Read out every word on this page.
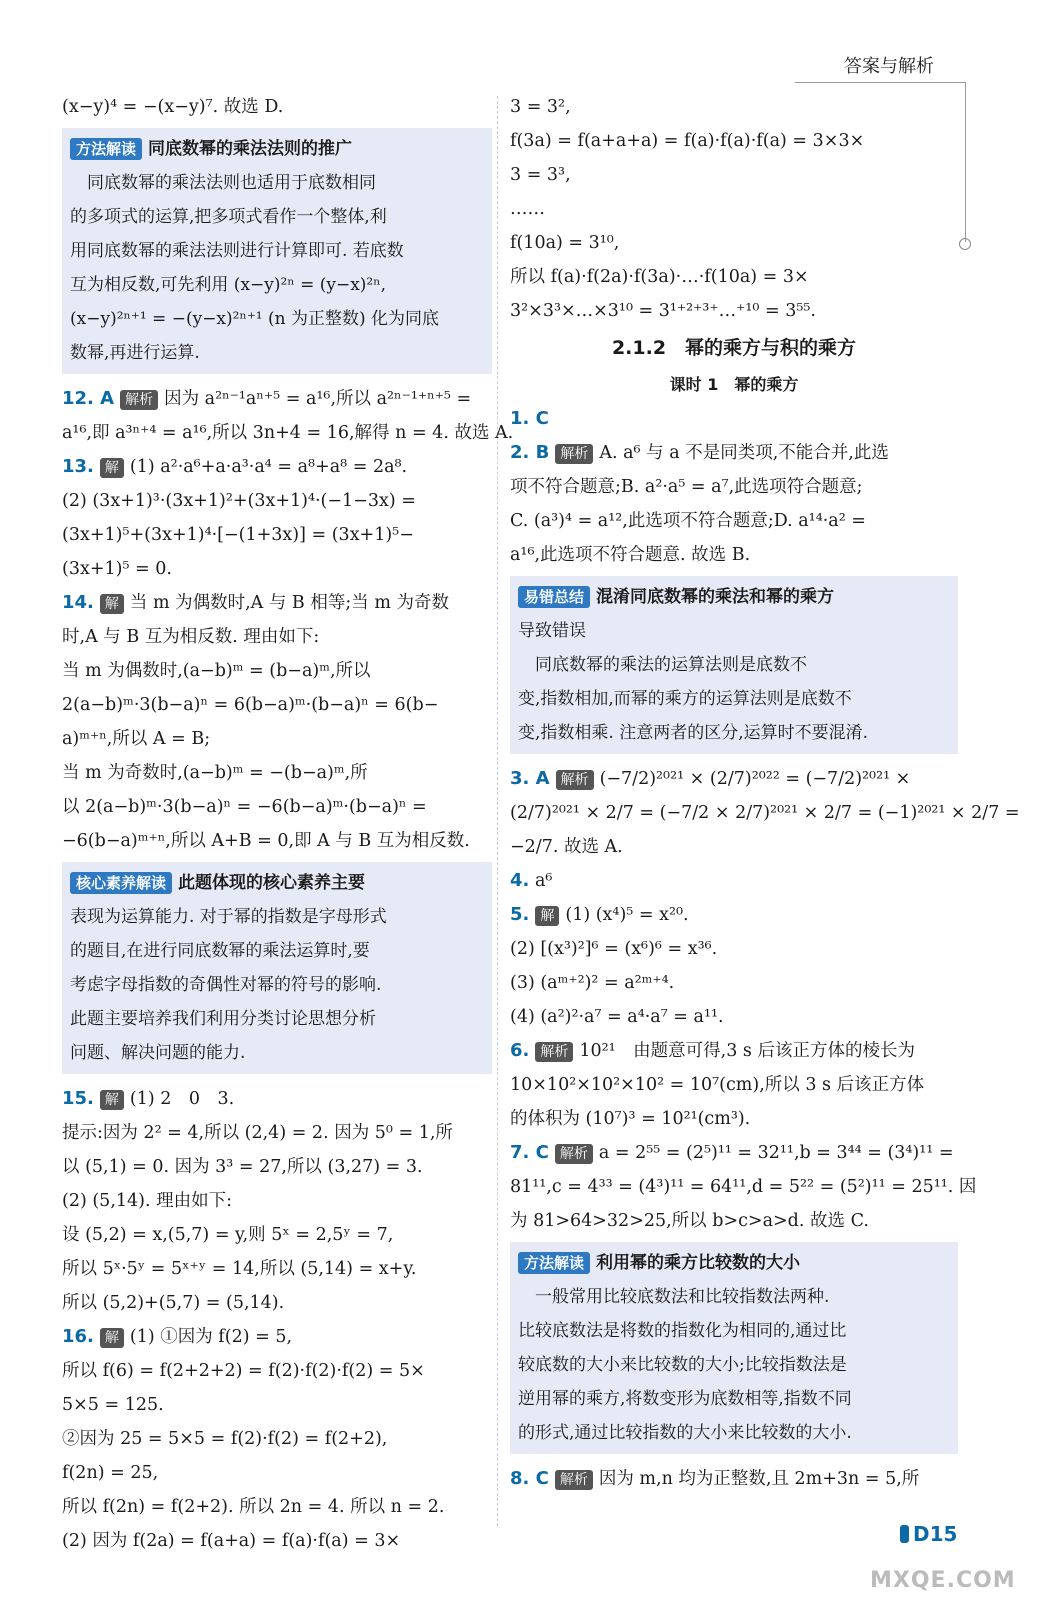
答案与解析
(x−y)⁴ = −(x−y)⁷. 故选 D.
方法解读 同底数幂的乘法法则的推广
　同底数幂的乘法法则也适用于底数相同
的多项式的运算,把多项式看作一个整体,利
用同底数幂的乘法法则进行计算即可. 若底数
互为相反数,可先利用 (x−y)²ⁿ = (y−x)²ⁿ,
(x−y)²ⁿ⁺¹ = −(y−x)²ⁿ⁺¹ (n 为正整数) 化为同底
数幂,再进行运算.
12. A 解析 因为 a²ⁿ⁻¹aⁿ⁺⁵ = a¹⁶,所以 a²ⁿ⁻¹⁺ⁿ⁺⁵ =
a¹⁶,即 a³ⁿ⁺⁴ = a¹⁶,所以 3n+4 = 16,解得 n = 4. 故选 A.
13. 解 (1) a²·a⁶+a·a³·a⁴ = a⁸+a⁸ = 2a⁸.
(2) (3x+1)³·(3x+1)²+(3x+1)⁴·(−1−3x) =
(3x+1)⁵+(3x+1)⁴·[−(1+3x)] = (3x+1)⁵−
(3x+1)⁵ = 0.
14. 解 当 m 为偶数时,A 与 B 相等;当 m 为奇数
时,A 与 B 互为相反数. 理由如下:
当 m 为偶数时,(a−b)ᵐ = (b−a)ᵐ,所以
2(a−b)ᵐ·3(b−a)ⁿ = 6(b−a)ᵐ·(b−a)ⁿ = 6(b−
a)ᵐ⁺ⁿ,所以 A = B;
当 m 为奇数时,(a−b)ᵐ = −(b−a)ᵐ,所
以 2(a−b)ᵐ·3(b−a)ⁿ = −6(b−a)ᵐ·(b−a)ⁿ =
−6(b−a)ᵐ⁺ⁿ,所以 A+B = 0,即 A 与 B 互为相反数.
核心素养解读 此题体现的核心素养主要
表现为运算能力. 对于幂的指数是字母形式
的题目,在进行同底数幂的乘法运算时,要
考虑字母指数的奇偶性对幂的符号的影响.
此题主要培养我们利用分类讨论思想分析
问题、解决问题的能力.
15. 解 (1) 2　0　3.
提示:因为 2² = 4,所以 (2,4) = 2. 因为 5⁰ = 1,所
以 (5,1) = 0. 因为 3³ = 27,所以 (3,27) = 3.
(2) (5,14). 理由如下:
设 (5,2) = x,(5,7) = y,则 5ˣ = 2,5ʸ = 7,
所以 5ˣ·5ʸ = 5ˣ⁺ʸ = 14,所以 (5,14) = x+y.
所以 (5,2)+(5,7) = (5,14).
16. 解 (1) ①因为 f(2) = 5,
所以 f(6) = f(2+2+2) = f(2)·f(2)·f(2) = 5×
5×5 = 125.
②因为 25 = 5×5 = f(2)·f(2) = f(2+2),
f(2n) = 25,
所以 f(2n) = f(2+2). 所以 2n = 4. 所以 n = 2.
(2) 因为 f(2a) = f(a+a) = f(a)·f(a) = 3×
3 = 3²,
f(3a) = f(a+a+a) = f(a)·f(a)·f(a) = 3×3×
3 = 3³,
……
f(10a) = 3¹⁰,
所以 f(a)·f(2a)·f(3a)·…·f(10a) = 3×
3²×3³×…×3¹⁰ = 3¹⁺²⁺³⁺…⁺¹⁰ = 3⁵⁵.
2.1.2　幂的乘方与积的乘方
课时 1　幂的乘方
1. C
2. B 解析 A. a⁶ 与 a 不是同类项,不能合并,此选
项不符合题意;B. a²·a⁵ = a⁷,此选项符合题意;
C. (a³)⁴ = a¹²,此选项不符合题意;D. a¹⁴·a² =
a¹⁶,此选项不符合题意. 故选 B.
易错总结 混淆同底数幂的乘法和幂的乘方
导致错误
　同底数幂的乘法的运算法则是底数不
变,指数相加,而幂的乘方的运算法则是底数不
变,指数相乘. 注意两者的区分,运算时不要混淆.
3. A 解析 (−7/2)²⁰²¹ × (2/7)²⁰²² = (−7/2)²⁰²¹ ×
(2/7)²⁰²¹ × 2/7 = (−7/2 × 2/7)²⁰²¹ × 2/7 = (−1)²⁰²¹ × 2/7 =
−2/7. 故选 A.
4. a⁶
5. 解 (1) (x⁴)⁵ = x²⁰.
(2) [(x³)²]⁶ = (x⁶)⁶ = x³⁶.
(3) (aᵐ⁺²)² = a²ᵐ⁺⁴.
(4) (a²)²·a⁷ = a⁴·a⁷ = a¹¹.
6. 解析 10²¹　由题意可得,3 s 后该正方体的棱长为
10×10²×10²×10² = 10⁷(cm),所以 3 s 后该正方体
的体积为 (10⁷)³ = 10²¹(cm³).
7. C 解析 a = 2⁵⁵ = (2⁵)¹¹ = 32¹¹,b = 3⁴⁴ = (3⁴)¹¹ =
81¹¹,c = 4³³ = (4³)¹¹ = 64¹¹,d = 5²² = (5²)¹¹ = 25¹¹. 因
为 81>64>32>25,所以 b>c>a>d. 故选 C.
方法解读 利用幂的乘方比较数的大小
　一般常用比较底数法和比较指数法两种.
比较底数法是将数的指数化为相同的,通过比
较底数的大小来比较数的大小;比较指数法是
逆用幂的乘方,将数变形为底数相等,指数不同
的形式,通过比较指数的大小来比较数的大小.
8. C 解析 因为 m,n 均为正整数,且 2m+3n = 5,所
D15
MXQE.COM
